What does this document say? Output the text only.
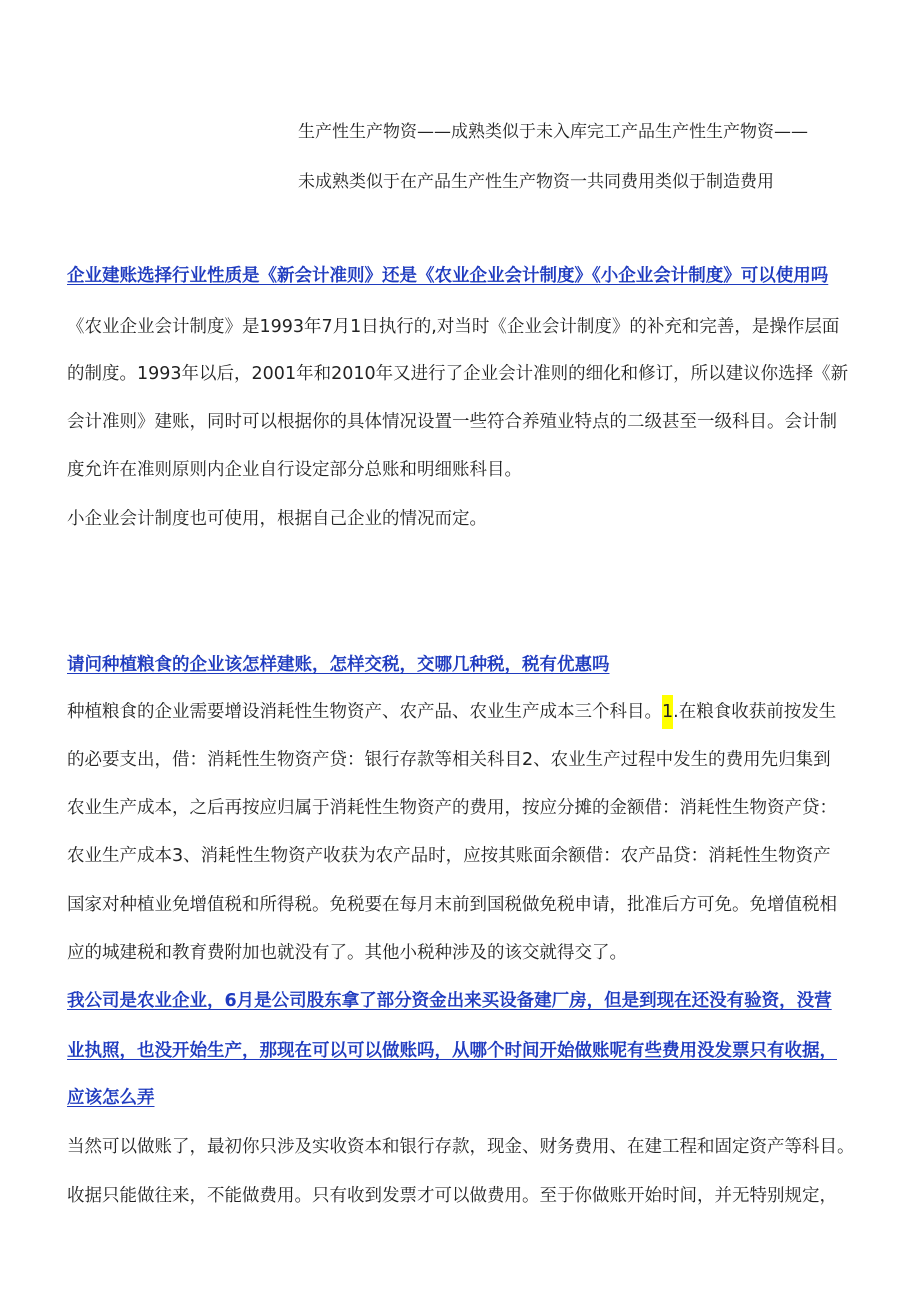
生产性生产物资——成熟类似于未入库完工产品生产性生产物资——
未成熟类似于在产品生产性生产物资一共同费用类似于制造费用
企业建账选择行业性质是《新会计准则》还是《农业企业会计制度》《小企业会计制度》可以使用吗
《农业企业会计制度》是1993年7月1日执行的,对当时《企业会计制度》的补充和完善，是操作层面
的制度。1993年以后，2001年和2010年又进行了企业会计准则的细化和修订，所以建议你选择《新
会计准则》建账，同时可以根据你的具体情况设置一些符合养殖业特点的二级甚至一级科目。会计制
度允许在准则原则内企业自行设定部分总账和明细账科目。
小企业会计制度也可使用，根据自己企业的情况而定。
请问种植粮食的企业该怎样建账，怎样交税，交哪几种税，税有优惠吗
种植粮食的企业需要增设消耗性生物资产、农产品、农业生产成本三个科目。1.在粮食收获前按发生
的必要支出，借：消耗性生物资产贷：银行存款等相关科目2、农业生产过程中发生的费用先归集到
农业生产成本，之后再按应归属于消耗性生物资产的费用，按应分摊的金额借：消耗性生物资产贷：
农业生产成本3、消耗性生物资产收获为农产品时，应按其账面余额借：农产品贷：消耗性生物资产
国家对种植业免增值税和所得税。免税要在每月末前到国税做免税申请，批准后方可免。免增值税相
应的城建税和教育费附加也就没有了。其他小税种涉及的该交就得交了。
我公司是农业企业，6月是公司股东拿了部分资金出来买设备建厂房，但是到现在还没有验资，没营
业执照，也没开始生产，那现在可以可以做账吗，从哪个时间开始做账呢有些费用没发票只有收据，
应该怎么弄
当然可以做账了，最初你只涉及实收资本和银行存款，现金、财务费用、在建工程和固定资产等科目。
收据只能做往来，不能做费用。只有收到发票才可以做费用。至于你做账开始时间，并无特别规定，
